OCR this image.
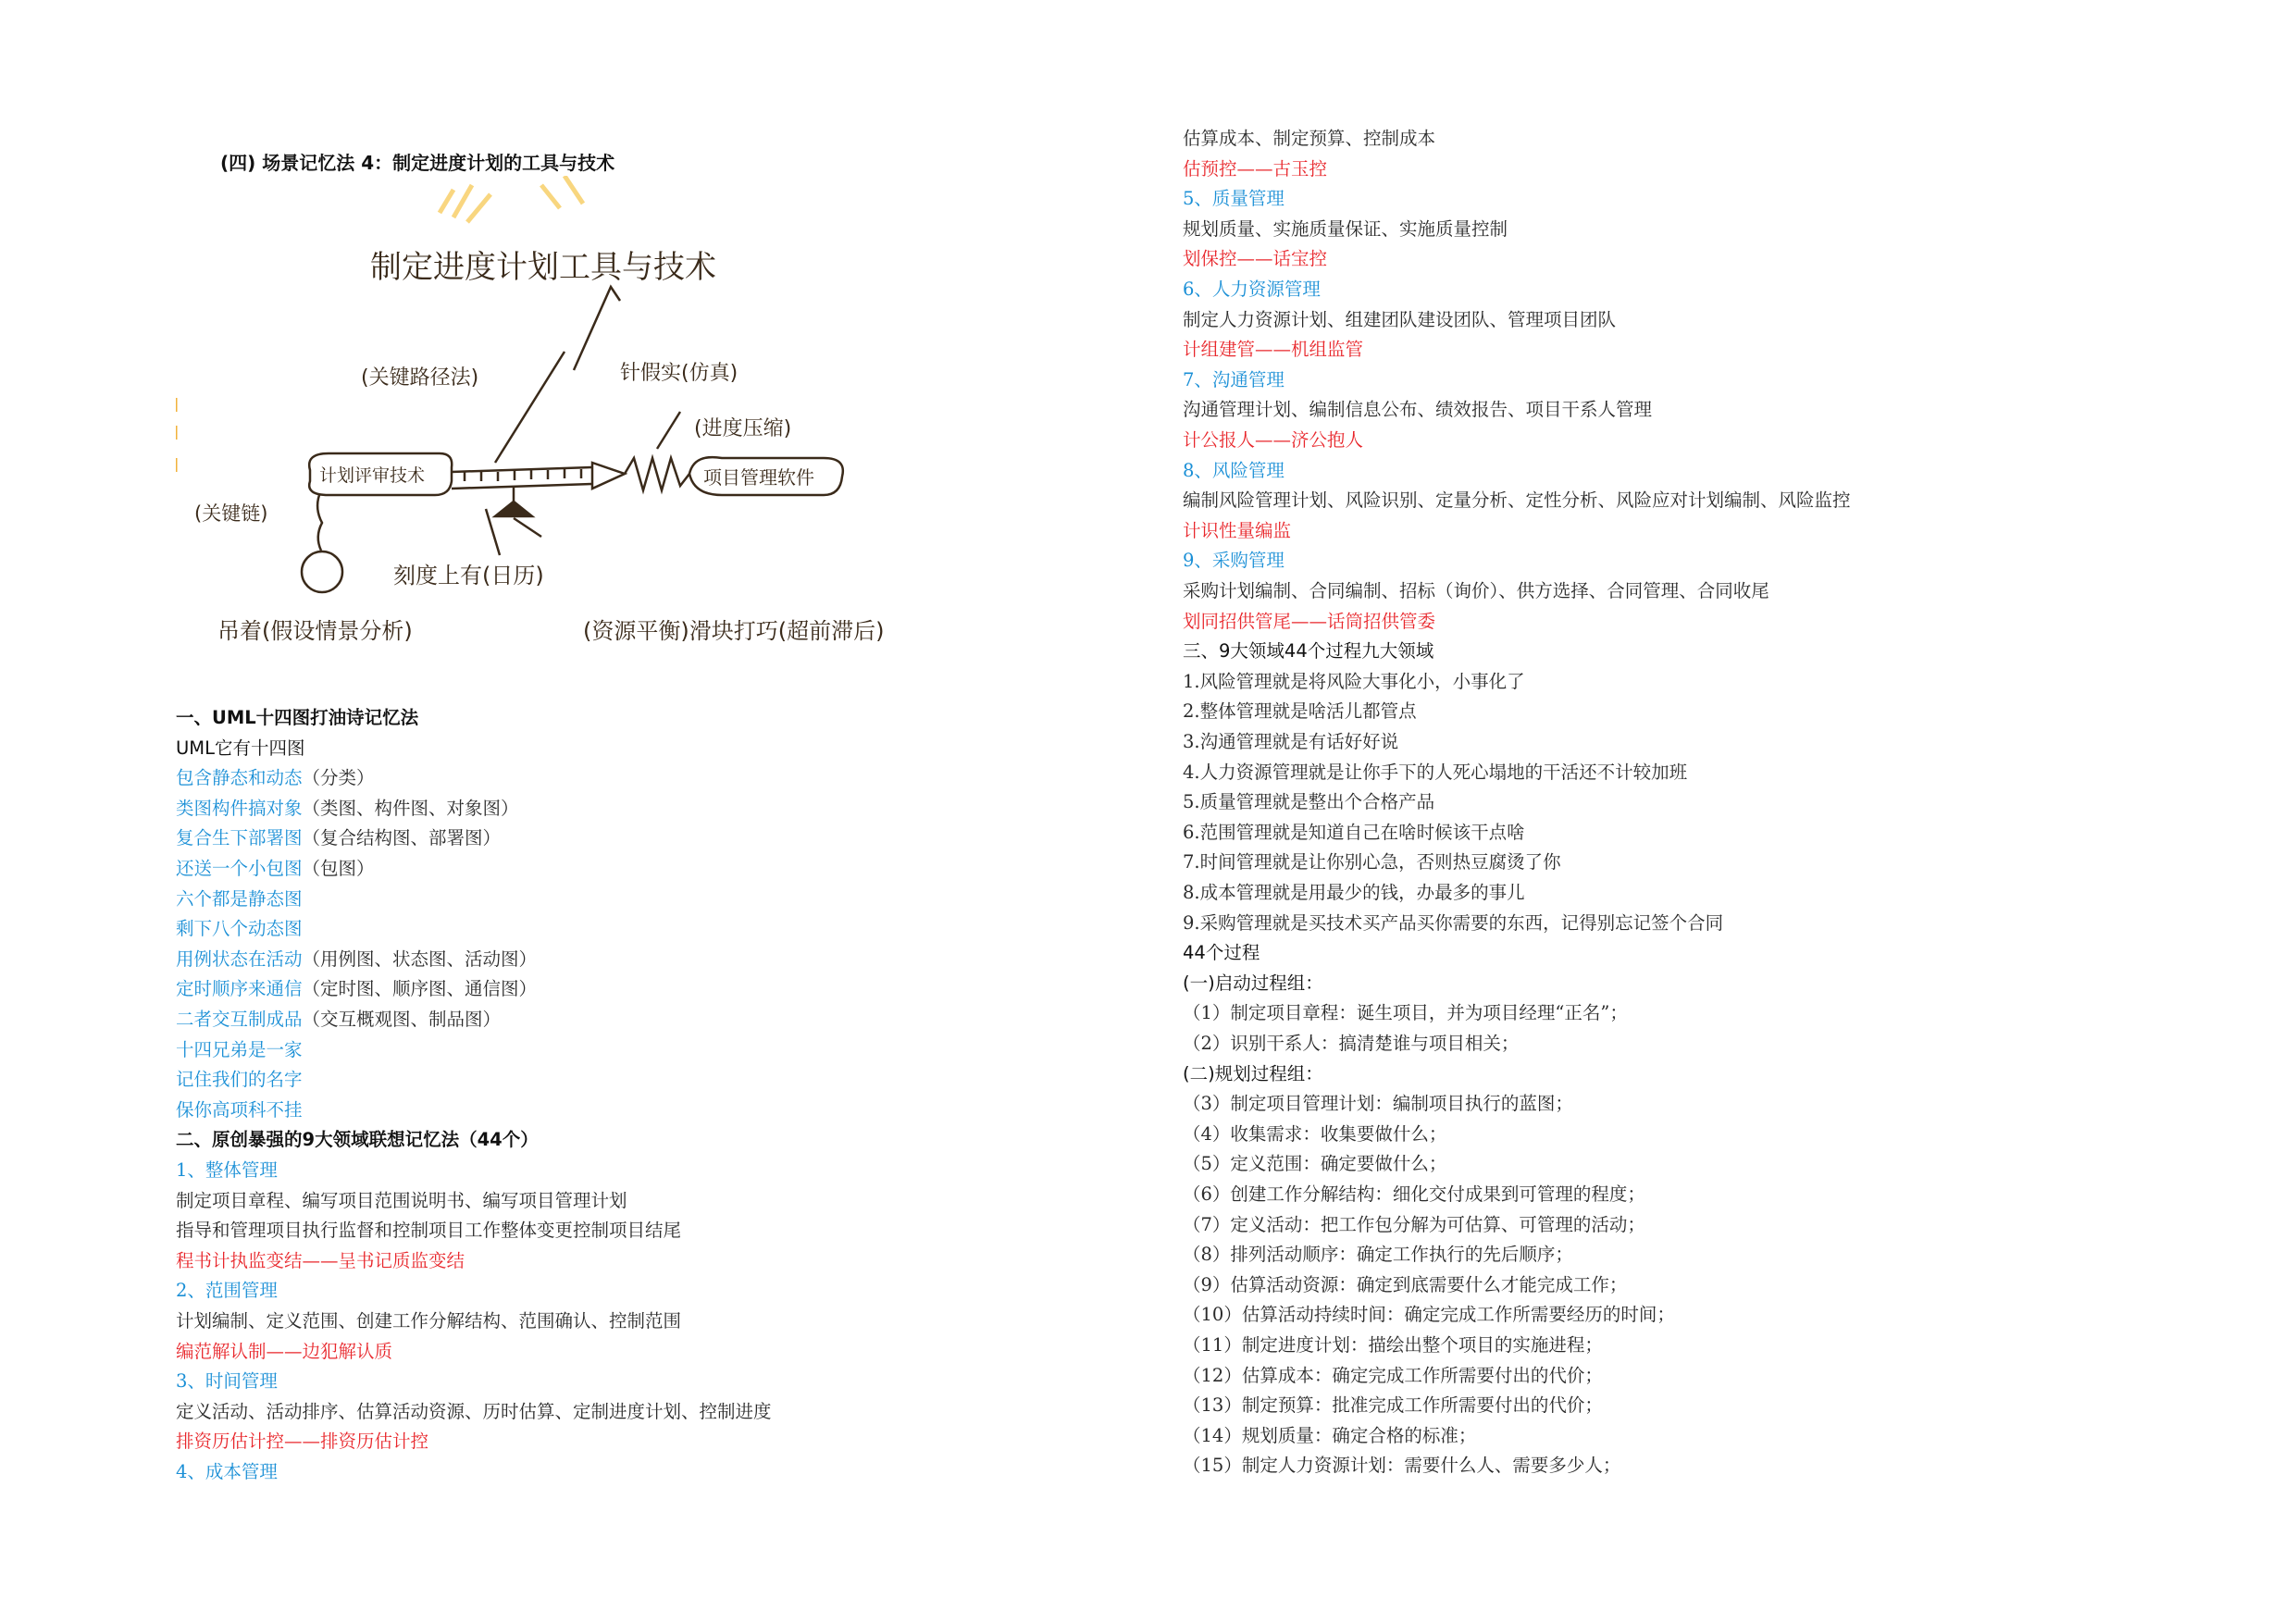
(四) 场景记忆法 4：制定进度计划的工具与技术
制定进度计划工具与技术
(关键路径法)	针假实(仿真)
(进度压缩)
项目管理软件
计划评审技术
(关键链)
刻度上有(日历)
吊着(假设情景分析)	(资源平衡)滑块打巧(超前滞后)
一、UML十四图打油诗记忆法
UML它有十四图
包含静态和动态（分类）
类图构件搞对象（类图、构件图、对象图）
复合生下部署图（复合结构图、部署图）
还送一个小包图（包图）
六个都是静态图
剩下八个动态图
用例状态在活动（用例图、状态图、活动图）
定时顺序来通信（定时图、顺序图、通信图）
二者交互制成品（交互概观图、制品图）
十四兄弟是一家
记住我们的名字
保你高项科不挂
二、原创暴强的9大领域联想记忆法（44个）
1、整体管理
制定项目章程、编写项目范围说明书、编写项目管理计划
指导和管理项目执行监督和控制项目工作整体变更控制项目结尾
程书计执监变结——呈书记质监变结
2、范围管理
计划编制、定义范围、创建工作分解结构、范围确认、控制范围
编范解认制——边犯解认质
3、时间管理
定义活动、活动排序、估算活动资源、历时估算、定制进度计划、控制进度
排资历估计控——排资历估计控
4、成本管理
估算成本、制定预算、控制成本
估预控——古玉控
5、质量管理
规划质量、实施质量保证、实施质量控制
划保控——话宝控
6、人力资源管理
制定人力资源计划、组建团队建设团队、管理项目团队
计组建管——机组监管
7、沟通管理
沟通管理计划、编制信息公布、绩效报告、项目干系人管理
计公报人——济公抱人
8、风险管理
编制风险管理计划、风险识别、定量分析、定性分析、风险应对计划编制、风险监控
计识性量编监
9、采购管理
采购计划编制、合同编制、招标（询价）、供方选择、合同管理、合同收尾
划同招供管尾——话筒招供管委
三、9大领域44个过程九大领域
1.风险管理就是将风险大事化小，小事化了
2.整体管理就是啥活儿都管点
3.沟通管理就是有话好好说
4.人力资源管理就是让你手下的人死心塌地的干活还不计较加班
5.质量管理就是整出个合格产品
6.范围管理就是知道自己在啥时候该干点啥
7.时间管理就是让你别心急，否则热豆腐烫了你
8.成本管理就是用最少的钱，办最多的事儿
9.采购管理就是买技术买产品买你需要的东西，记得别忘记签个合同
44个过程
(一)启动过程组：
（1）制定项目章程：诞生项目，并为项目经理“正名”；
（2）识别干系人：搞清楚谁与项目相关；
(二)规划过程组：
（3）制定项目管理计划：编制项目执行的蓝图；
（4）收集需求：收集要做什么；
（5）定义范围：确定要做什么；
（6）创建工作分解结构：细化交付成果到可管理的程度；
（7）定义活动：把工作包分解为可估算、可管理的活动；
（8）排列活动顺序：确定工作执行的先后顺序；
（9）估算活动资源：确定到底需要什么才能完成工作；
（10）估算活动持续时间：确定完成工作所需要经历的时间；
（11）制定进度计划：描绘出整个项目的实施进程；
（12）估算成本：确定完成工作所需要付出的代价；
（13）制定预算：批准完成工作所需要付出的代价；
（14）规划质量：确定合格的标准；
（15）制定人力资源计划：需要什么人、需要多少人；
